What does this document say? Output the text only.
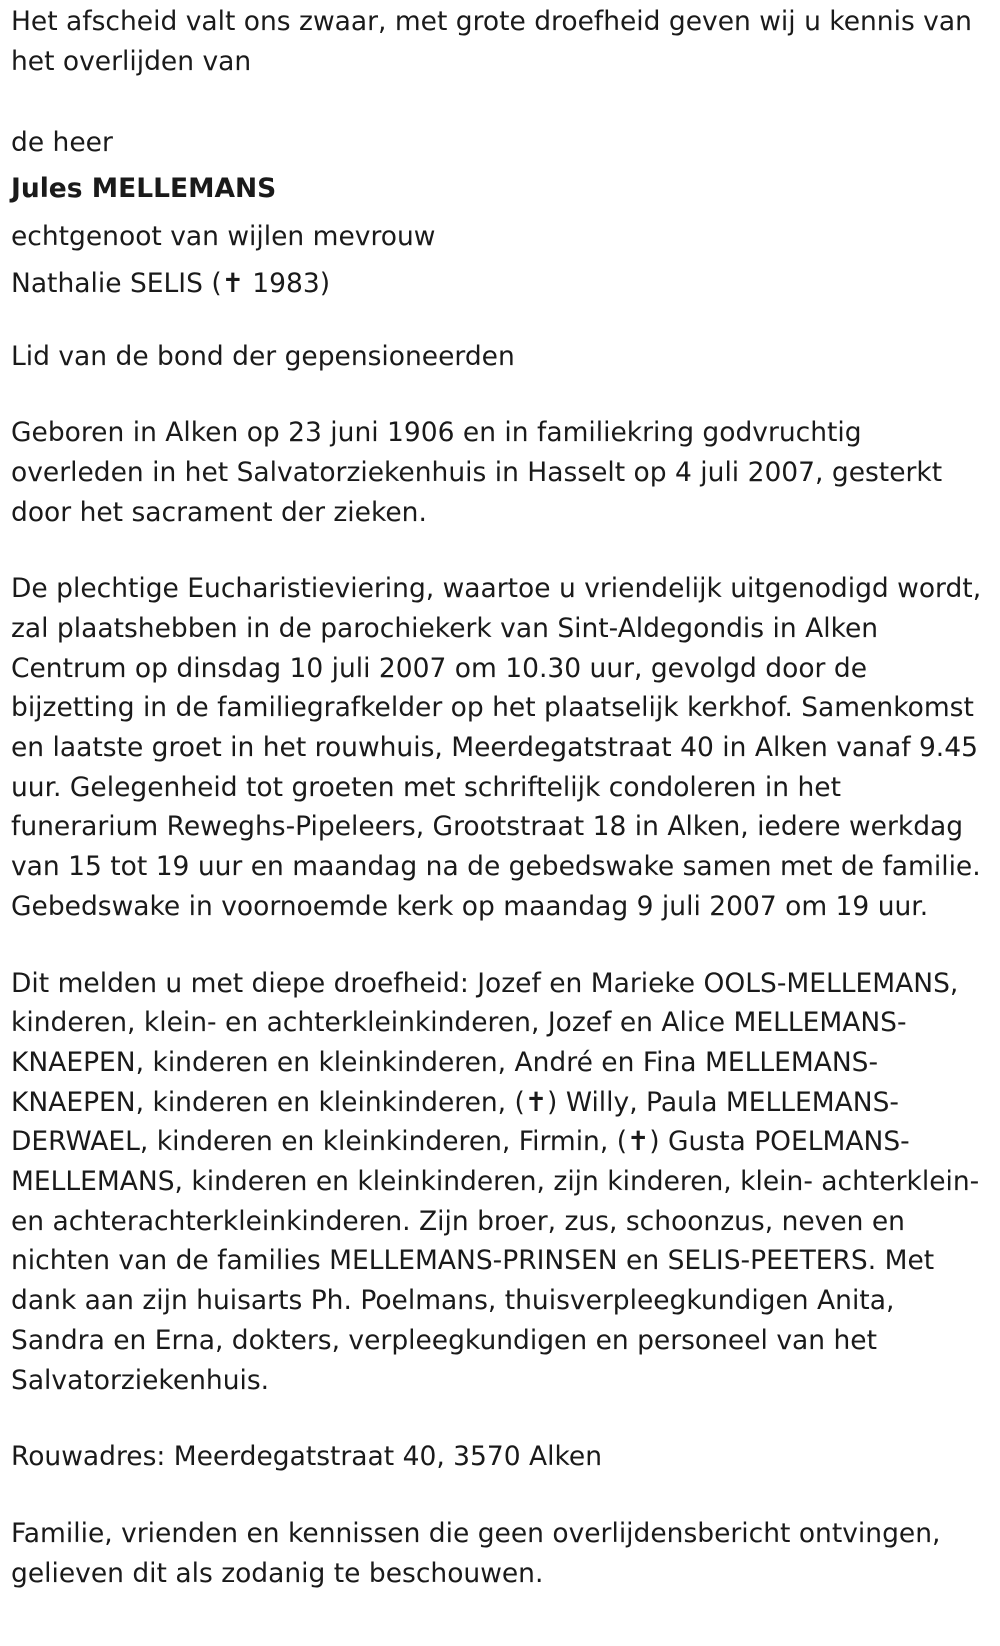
Het afscheid valt ons zwaar, met grote droefheid geven wij u kennis van het overlijden van

de heer

Jules MELLEMANS

echtgenoot van wijlen mevrouw

Nathalie SELIS (✝ 1983)

Lid van de bond der gepensioneerden

Geboren in Alken op 23 juni 1906 en in familiekring godvruchtig overleden in het Salvatorziekenhuis in Hasselt op 4 juli 2007, gesterkt door het sacrament der zieken.

De plechtige Eucharistieviering, waartoe u vriendelijk uitgenodigd wordt, zal plaatshebben in de parochiekerk van Sint-Aldegondis in Alken Centrum op dinsdag 10 juli 2007 om 10.30 uur, gevolgd door de bijzetting in de familiegrafkelder op het plaatselijk kerkhof. Samenkomst en laatste groet in het rouwhuis, Meerdegatstraat 40 in Alken vanaf 9.45 uur. Gelegenheid tot groeten met schriftelijk condoleren in het funerarium Reweghs-Pipeleers, Grootstraat 18 in Alken, iedere werkdag van 15 tot 19 uur en maandag na de gebedswake samen met de familie. Gebedswake in voornoemde kerk op maandag 9 juli 2007 om 19 uur.

Dit melden u met diepe droefheid: Jozef en Marieke OOLS-MELLEMANS, kinderen, klein- en achterkleinkinderen, Jozef en Alice MELLEMANS-KNAEPEN, kinderen en kleinkinderen, André en Fina MELLEMANS-KNAEPEN, kinderen en kleinkinderen, (✝) Willy, Paula MELLEMANS-DERWAEL, kinderen en kleinkinderen, Firmin, (✝) Gusta POELMANS-MELLEMANS, kinderen en kleinkinderen, zijn kinderen, klein- achterklein-en achterachterkleinkinderen. Zijn broer, zus, schoonzus, neven en nichten van de families MELLEMANS-PRINSEN en SELIS-PEETERS. Met dank aan zijn huisarts Ph. Poelmans, thuisverpleegkundigen Anita, Sandra en Erna, dokters, verpleegkundigen en personeel van het Salvatorziekenhuis.

Rouwadres: Meerdegatstraat 40, 3570 Alken

Familie, vrienden en kennissen die geen overlijdensbericht ontvingen, gelieven dit als zodanig te beschouwen.
